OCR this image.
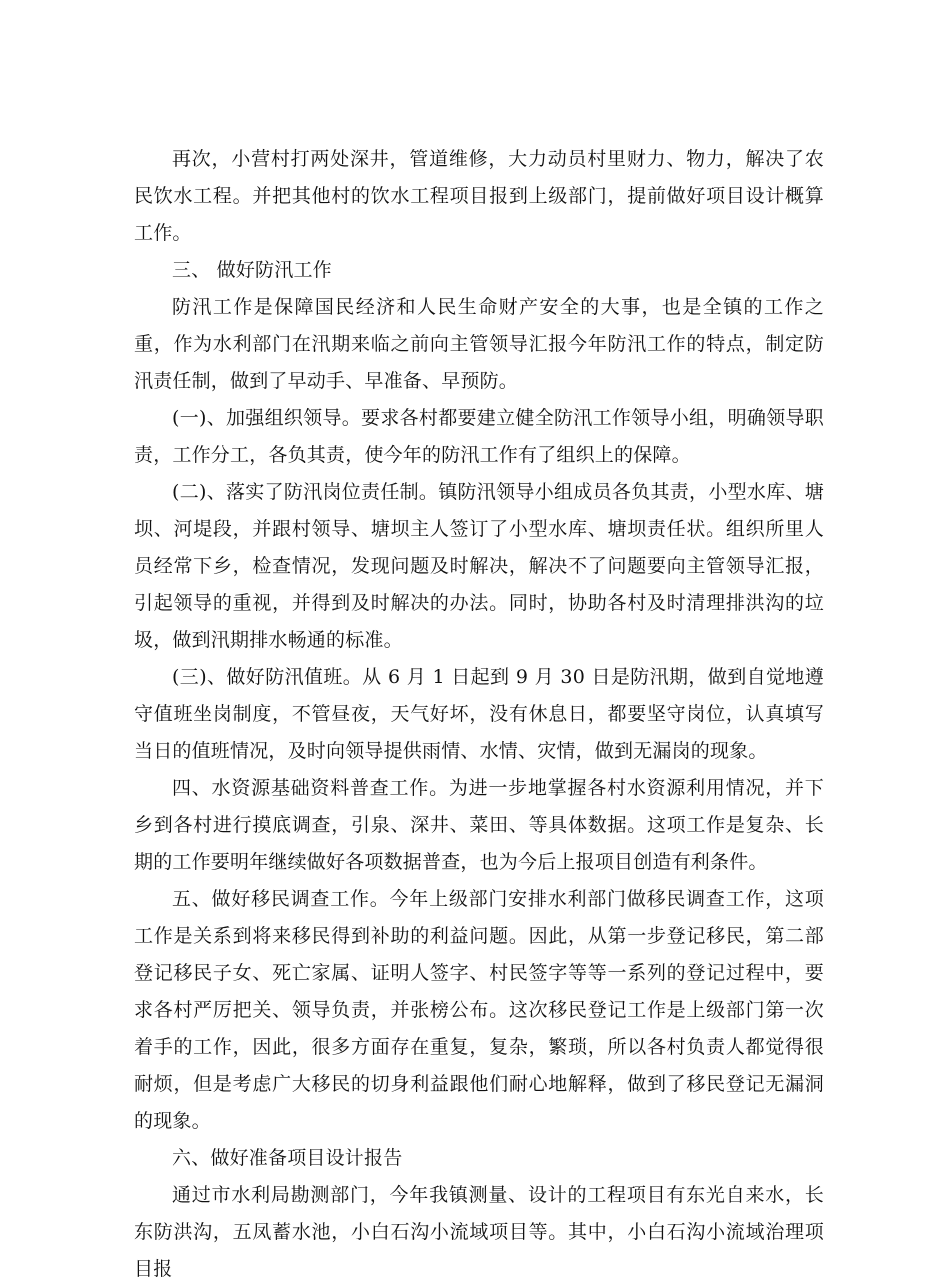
再次，小营村打两处深井，管道维修，大力动员村里财力、物力，解决了农民饮水工程。并把其他村的饮水工程项目报到上级部门，提前做好项目设计概算工作。

三、 做好防汛工作

防汛工作是保障国民经济和人民生命财产安全的大事，也是全镇的工作之重，作为水利部门在汛期来临之前向主管领导汇报今年防汛工作的特点，制定防汛责任制，做到了早动手、早准备、早预防。

(一)、加强组织领导。要求各村都要建立健全防汛工作领导小组，明确领导职责，工作分工，各负其责，使今年的防汛工作有了组织上的保障。

(二)、落实了防汛岗位责任制。镇防汛领导小组成员各负其责，小型水库、塘坝、河堤段，并跟村领导、塘坝主人签订了小型水库、塘坝责任状。组织所里人员经常下乡，检查情况，发现问题及时解决，解决不了问题要向主管领导汇报，引起领导的重视，并得到及时解决的办法。同时，协助各村及时清理排洪沟的垃圾，做到汛期排水畅通的标准。

(三)、做好防汛值班。从 6 月 1 日起到 9 月 30 日是防汛期，做到自觉地遵守值班坐岗制度，不管昼夜，天气好坏，没有休息日，都要坚守岗位，认真填写当日的值班情况，及时向领导提供雨情、水情、灾情，做到无漏岗的现象。

四、水资源基础资料普查工作。为进一步地掌握各村水资源利用情况，并下乡到各村进行摸底调查，引泉、深井、菜田、等具体数据。这项工作是复杂、长期的工作要明年继续做好各项数据普查，也为今后上报项目创造有利条件。

五、做好移民调查工作。今年上级部门安排水利部门做移民调查工作，这项工作是关系到将来移民得到补助的利益问题。因此，从第一步登记移民，第二部登记移民子女、死亡家属、证明人签字、村民签字等等一系列的登记过程中，要求各村严厉把关、领导负责，并张榜公布。这次移民登记工作是上级部门第一次着手的工作，因此，很多方面存在重复，复杂，繁琐，所以各村负责人都觉得很耐烦，但是考虑广大移民的切身利益跟他们耐心地解释，做到了移民登记无漏洞的现象。

六、做好准备项目设计报告

通过市水利局勘测部门，今年我镇测量、设计的工程项目有东光自来水，长东防洪沟，五凤蓄水池，小白石沟小流域项目等。其中，小白石沟小流域治理项目报
